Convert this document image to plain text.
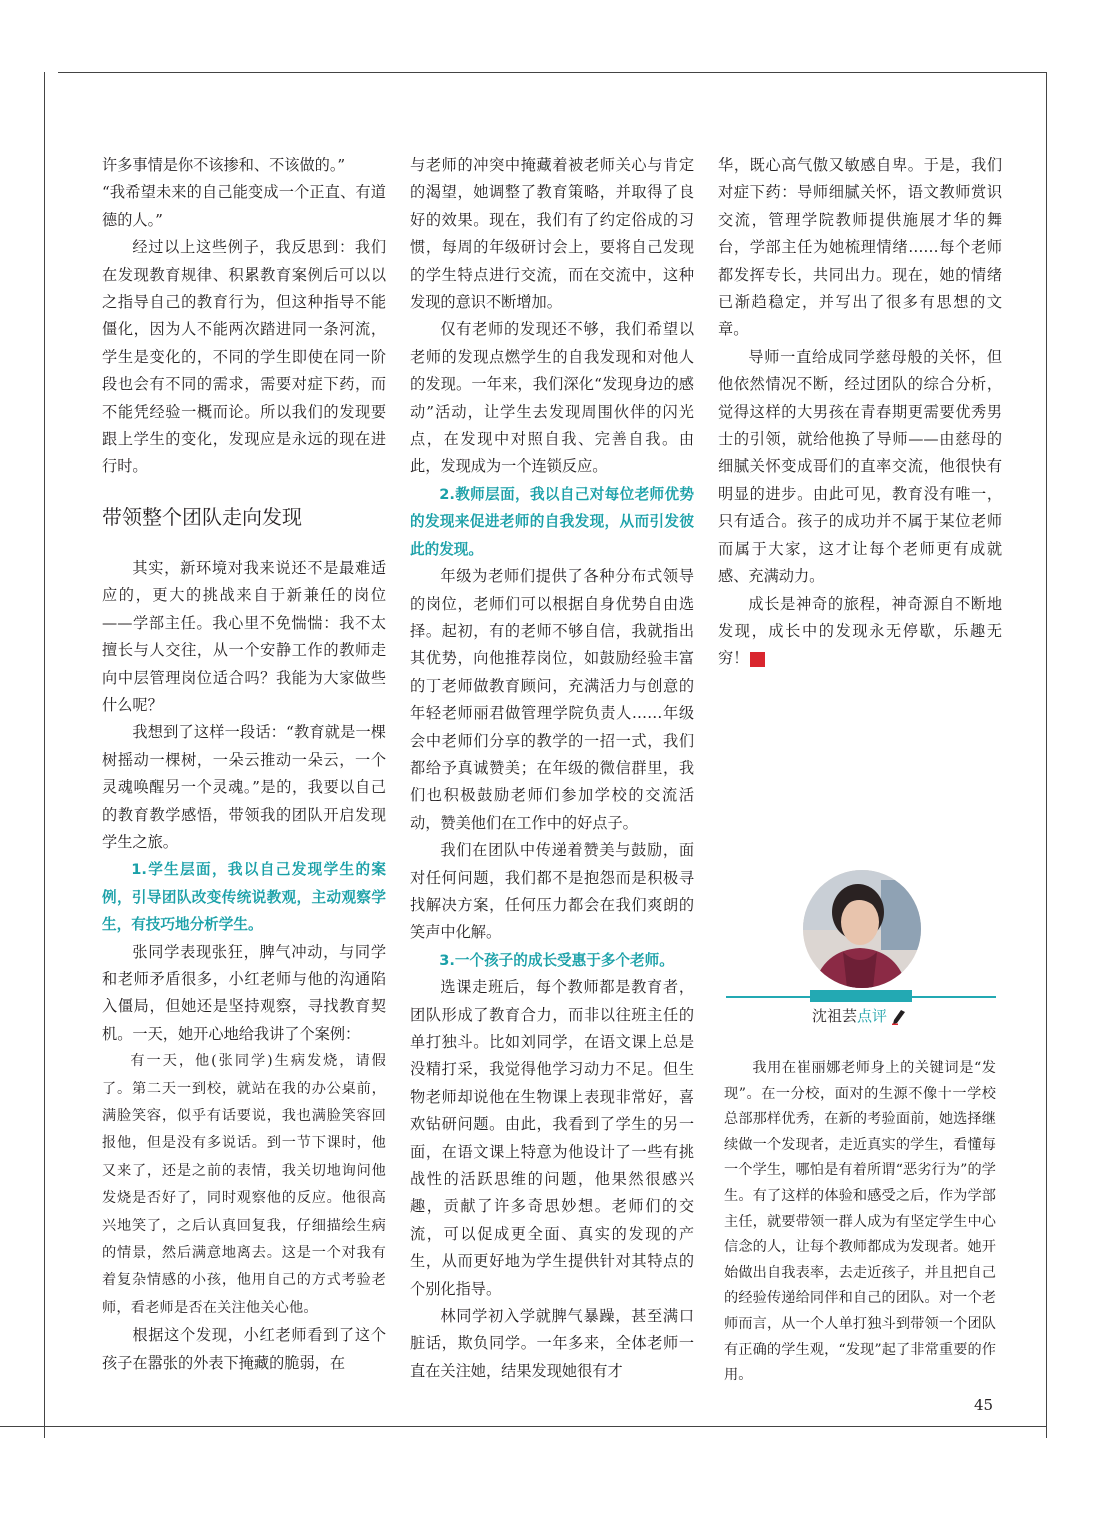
许多事情是你不该掺和、不该做的。”

“我希望未来的自己能变成一个正直、有道德的人。”

经过以上这些例子，我反思到：我们在发现教育规律、积累教育案例后可以以之指导自己的教育行为，但这种指导不能僵化，因为人不能两次踏进同一条河流，学生是变化的，不同的学生即使在同一阶段也会有不同的需求，需要对症下药，而不能凭经验一概而论。所以我们的发现要跟上学生的变化，发现应是永远的现在进行时。

带领整个团队走向发现

其实，新环境对我来说还不是最难适应的，更大的挑战来自于新兼任的岗位——学部主任。我心里不免惴惴：我不太擅长与人交往，从一个安静工作的教师走向中层管理岗位适合吗？我能为大家做些什么呢？

我想到了这样一段话：“教育就是一棵树摇动一棵树，一朵云推动一朵云，一个灵魂唤醒另一个灵魂。”是的，我要以自己的教育教学感悟，带领我的团队开启发现学生之旅。

1.学生层面，我以自己发现学生的案例，引导团队改变传统说教观，主动观察学生，有技巧地分析学生。

张同学表现张狂，脾气冲动，与同学和老师矛盾很多，小红老师与他的沟通陷入僵局，但她还是坚持观察，寻找教育契机。一天，她开心地给我讲了个案例：

有一天，他(张同学)生病发烧，请假了。第二天一到校，就站在我的办公桌前，满脸笑容，似乎有话要说，我也满脸笑容回报他，但是没有多说话。到一节下课时，他又来了，还是之前的表情，我关切地询问他发烧是否好了，同时观察他的反应。他很高兴地笑了，之后认真回复我，仔细描绘生病的情景，然后满意地离去。这是一个对我有着复杂情感的小孩，他用自己的方式考验老师，看老师是否在关注他关心他。

根据这个发现，小红老师看到了这个孩子在嚣张的外表下掩藏的脆弱，在

与老师的冲突中掩藏着被老师关心与肯定的渴望，她调整了教育策略，并取得了良好的效果。现在，我们有了约定俗成的习惯，每周的年级研讨会上，要将自己发现的学生特点进行交流，而在交流中，这种发现的意识不断增加。

仅有老师的发现还不够，我们希望以老师的发现点燃学生的自我发现和对他人的发现。一年来，我们深化“发现身边的感动”活动，让学生去发现周围伙伴的闪光点，在发现中对照自我、完善自我。由此，发现成为一个连锁反应。

2.教师层面，我以自己对每位老师优势的发现来促进老师的自我发现，从而引发彼此的发现。

年级为老师们提供了各种分布式领导的岗位，老师们可以根据自身优势自由选择。起初，有的老师不够自信，我就指出其优势，向他推荐岗位，如鼓励经验丰富的丁老师做教育顾问，充满活力与创意的年轻老师丽君做管理学院负责人……年级会中老师们分享的教学的一招一式，我们都给予真诚赞美；在年级的微信群里，我们也积极鼓励老师们参加学校的交流活动，赞美他们在工作中的好点子。

我们在团队中传递着赞美与鼓励，面对任何问题，我们都不是抱怨而是积极寻找解决方案，任何压力都会在我们爽朗的笑声中化解。

3.一个孩子的成长受惠于多个老师。

选课走班后，每个教师都是教育者，团队形成了教育合力，而非以往班主任的单打独斗。比如刘同学，在语文课上总是没精打采，我觉得他学习动力不足。但生物老师却说他在生物课上表现非常好，喜欢钻研问题。由此，我看到了学生的另一面，在语文课上特意为他设计了一些有挑战性的活跃思维的问题，他果然很感兴趣，贡献了许多奇思妙想。老师们的交流，可以促成更全面、真实的发现的产生，从而更好地为学生提供针对其特点的个别化指导。

林同学初入学就脾气暴躁，甚至满口脏话，欺负同学。一年多来，全体老师一直在关注她，结果发现她很有才

华，既心高气傲又敏感自卑。于是，我们对症下药：导师细腻关怀，语文教师赏识交流，管理学院教师提供施展才华的舞台，学部主任为她梳理情绪……每个老师都发挥专长，共同出力。现在，她的情绪已渐趋稳定，并写出了很多有思想的文章。

导师一直给成同学慈母般的关怀，但他依然情况不断，经过团队的综合分析，觉得这样的大男孩在青春期更需要优秀男士的引领，就给他换了导师——由慈母的细腻关怀变成哥们的直率交流，他很快有明显的进步。由此可见，教育没有唯一，只有适合。孩子的成功并不属于某位老师而属于大家，这才让每个老师更有成就感、充满动力。

成长是神奇的旅程，神奇源自不断地发现，成长中的发现永无停歇，乐趣无穷！	家

沈祖芸点评

我用在崔丽娜老师身上的关键词是“发现”。在一分校，面对的生源不像十一学校总部那样优秀，在新的考验面前，她选择继续做一个发现者，走近真实的学生，看懂每一个学生，哪怕是有着所谓“恶劣行为”的学生。有了这样的体验和感受之后，作为学部主任，就要带领一群人成为有坚定学生中心信念的人，让每个教师都成为发现者。她开始做出自我表率，去走近孩子，并且把自己的经验传递给同伴和自己的团队。对一个老师而言，从一个人单打独斗到带领一个团队有正确的学生观，“发现”起了非常重要的作用。

45
